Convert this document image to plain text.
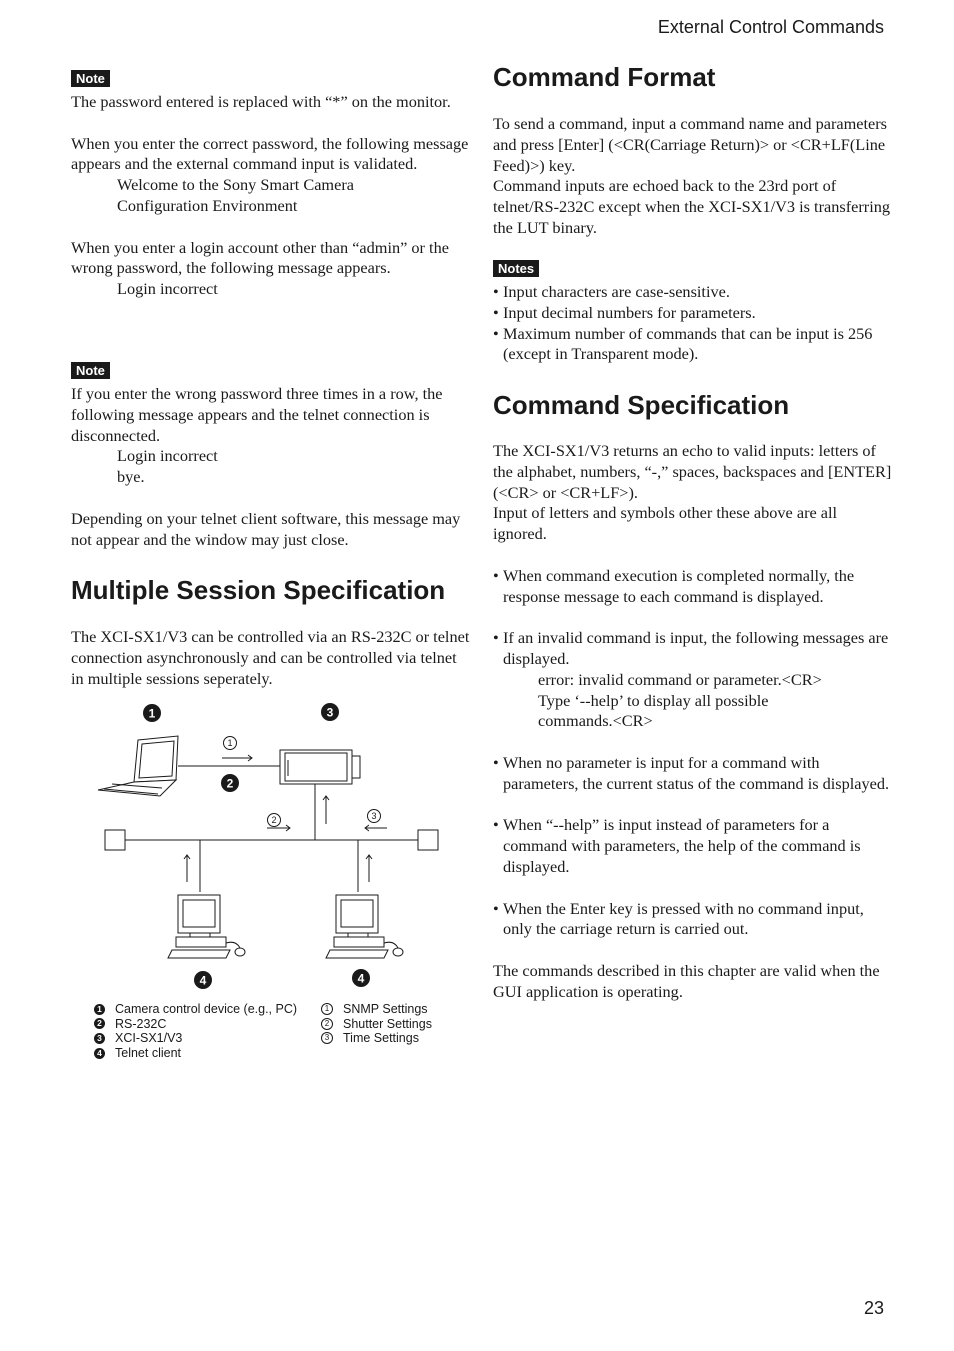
External Control Commands
Note

The password entered is replaced with “*” on the monitor.

When you enter the correct password, the following message appears and the external command input is validated.

Welcome to the Sony Smart Camera

Configuration Environment

When you enter a login account other than “admin” or the wrong password, the following message appears.

Login incorrect

Note

If you enter the wrong password three times in a row, the following message appears and the telnet connection is disconnected.

Login incorrect

bye.

Depending on your telnet client software, this message may not appear and the window may just close.

Multiple Session Specification
The XCI-SX1/V3 can be controlled via an RS-232C or telnet connection asynchronously and can be controlled via telnet in multiple sessions seperately.
1	3
2
4	4
1
2	3
1 Camera control device (e.g., PC)
2 RS-232C
3 XCI-SX1/V3
4 Telnet client
1	SNMP Settings
2	Shutter Settings
3	Time Settings
Command Format

To send a command, input a command name and parameters and press [Enter] (<CR(Carriage Return)> or <CR+LF(Line Feed)>) key.

Command inputs are echoed back to the 23rd port of telnet/RS-232C except when the XCI-SX1/V3 is transferring the LUT binary.

Notes
• Input characters are case-sensitive.
• Input decimal numbers for parameters.
• Maximum number of commands that can be input is 256 (except in Transparent mode).
Command Specification

The XCI-SX1/V3 returns an echo to valid inputs: letters of the alphabet, numbers, “-,” spaces, backspaces and [ENTER] (<CR> or <CR+LF>).

Input of letters and symbols other these above are all ignored.

• When command execution is completed normally, the response message to each command is displayed.
• If an invalid command is input, the following messages are displayed.

error: invalid command or parameter.<CR>

Type ‘--help’ to display all possible commands.<CR>

• When no parameter is input for a command with parameters, the current status of the command is displayed.
• When “--help” is input instead of parameters for a command with parameters, the help of the command is displayed.
• When the Enter key is pressed with no command input, only the carriage return is carried out.

The commands described in this chapter are valid when the GUI application is operating.

23
